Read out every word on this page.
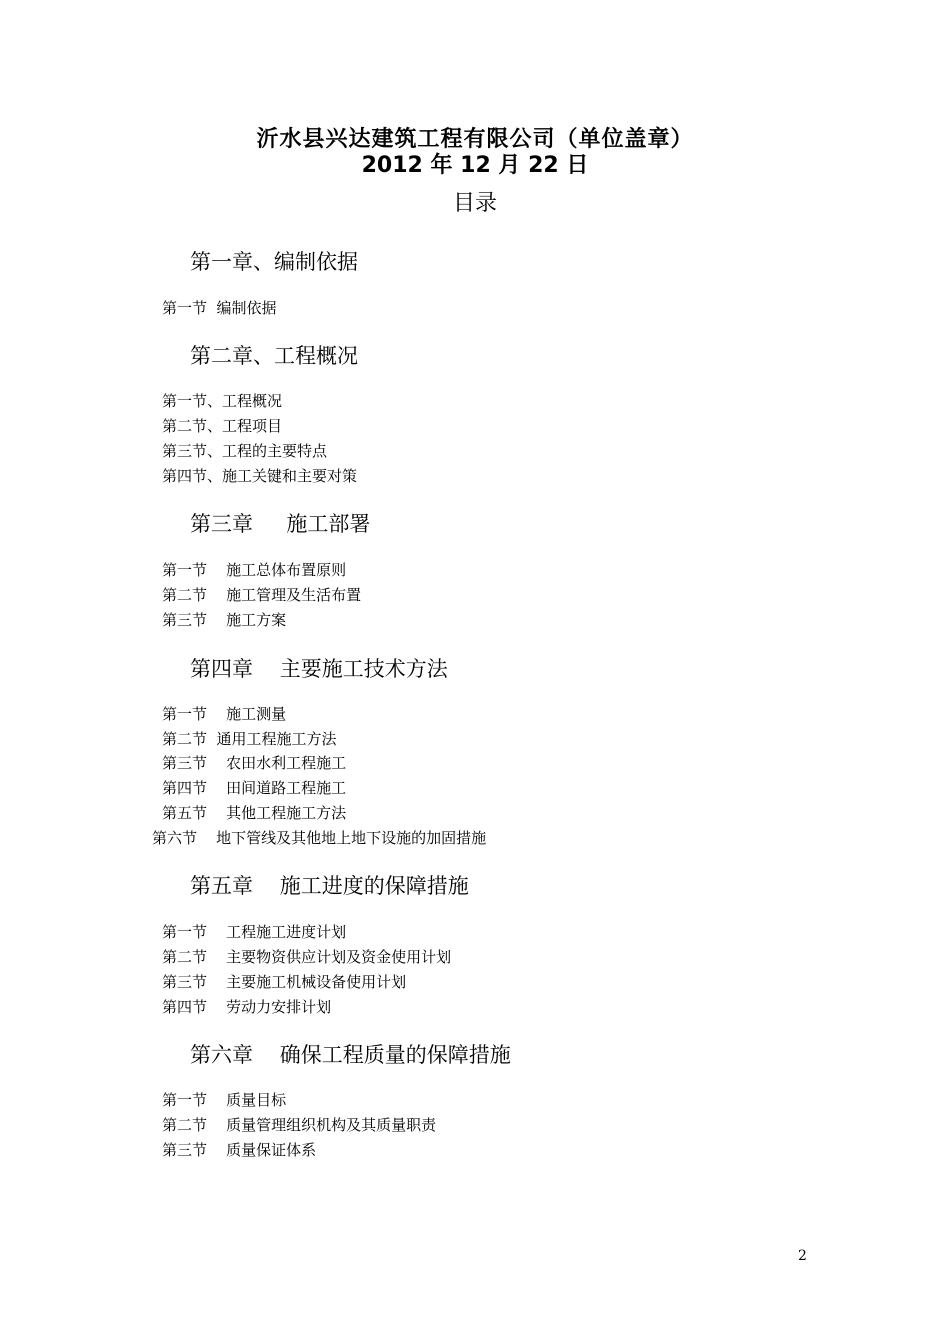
沂水县兴达建筑工程有限公司（单位盖章）
2012 年 12 月 22 日
目录
第一章、编制依据
第一节  编制依据
第二章、工程概况
第一节、工程概况
第二节、工程项目
第三节、工程的主要特点
第四节、施工关键和主要对策
第三章     施工部署
第一节    施工总体布置原则
第二节    施工管理及生活布置
第三节    施工方案
第四章    主要施工技术方法
第一节    施工测量
第二节  通用工程施工方法
第三节    农田水利工程施工
第四节    田间道路工程施工
第五节    其他工程施工方法
第六节    地下管线及其他地上地下设施的加固措施
第五章    施工进度的保障措施
第一节    工程施工进度计划
第二节    主要物资供应计划及资金使用计划
第三节    主要施工机械设备使用计划
第四节    劳动力安排计划
第六章    确保工程质量的保障措施
第一节    质量目标
第二节    质量管理组织机构及其质量职责
第三节    质量保证体系
2
